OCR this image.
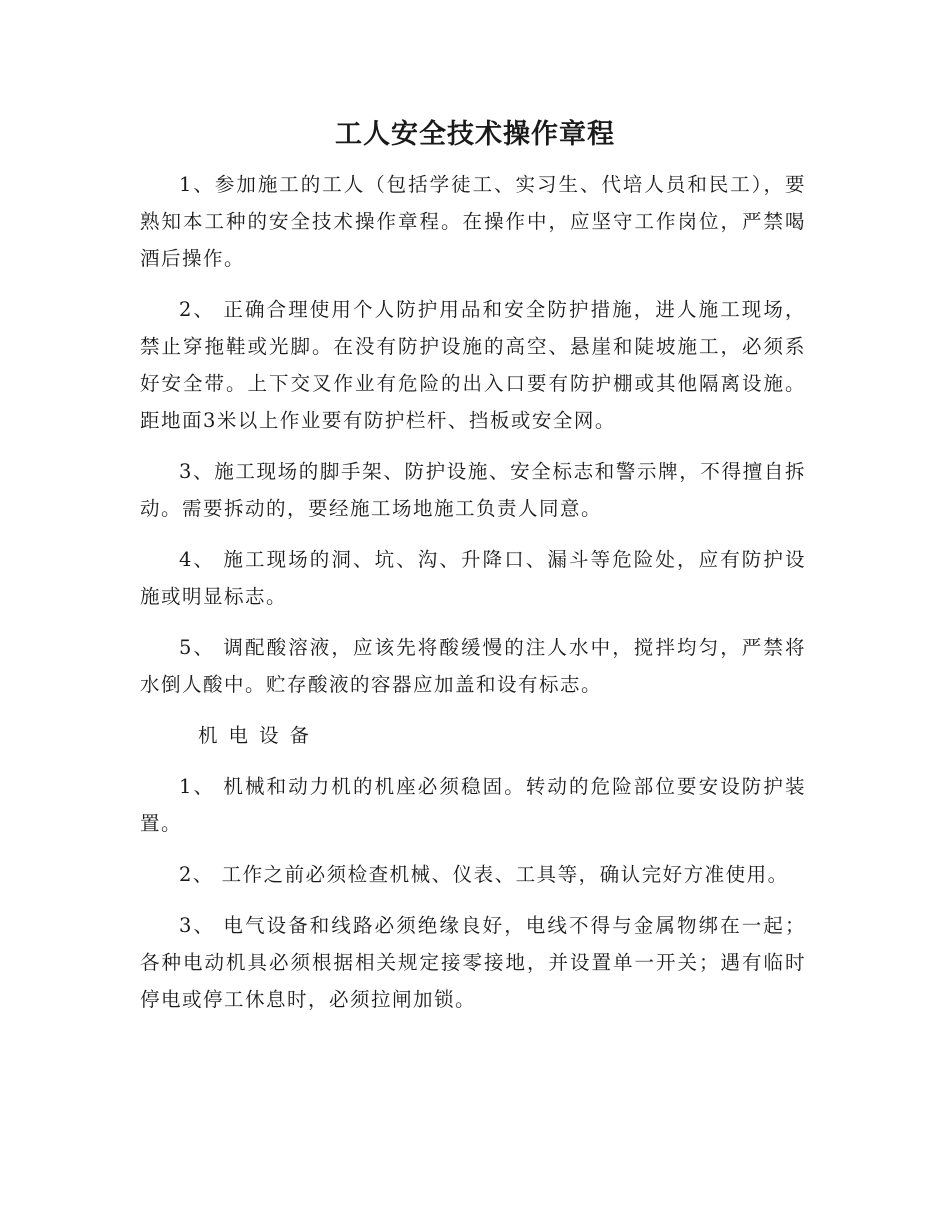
工人安全技术操作章程

1、参加施工的工人（包括学徒工、实习生、代培人员和民工），要熟知本工种的安全技术操作章程。在操作中，应坚守工作岗位，严禁喝酒后操作。

2、 正确合理使用个人防护用品和安全防护措施，进人施工现场，禁止穿拖鞋或光脚。在没有防护设施的高空、悬崖和陡坡施工，必须系好安全带。上下交叉作业有危险的出入口要有防护棚或其他隔离设施。距地面3米以上作业要有防护栏杆、挡板或安全网。

3、施工现场的脚手架、防护设施、安全标志和警示牌，不得擅自拆动。需要拆动的，要经施工场地施工负责人同意。

4、 施工现场的洞、坑、沟、升降口、漏斗等危险处，应有防护设施或明显标志。

5、 调配酸溶液，应该先将酸缓慢的注人水中，搅拌均匀，严禁将水倒人酸中。贮存酸液的容器应加盖和设有标志。

机电设备

1、 机械和动力机的机座必须稳固。转动的危险部位要安设防护装置。

2、 工作之前必须检查机械、仪表、工具等，确认完好方准使用。

3、 电气设备和线路必须绝缘良好，电线不得与金属物绑在一起；各种电动机具必须根据相关规定接零接地，并设置单一开关；遇有临时停电或停工休息时，必须拉闸加锁。
